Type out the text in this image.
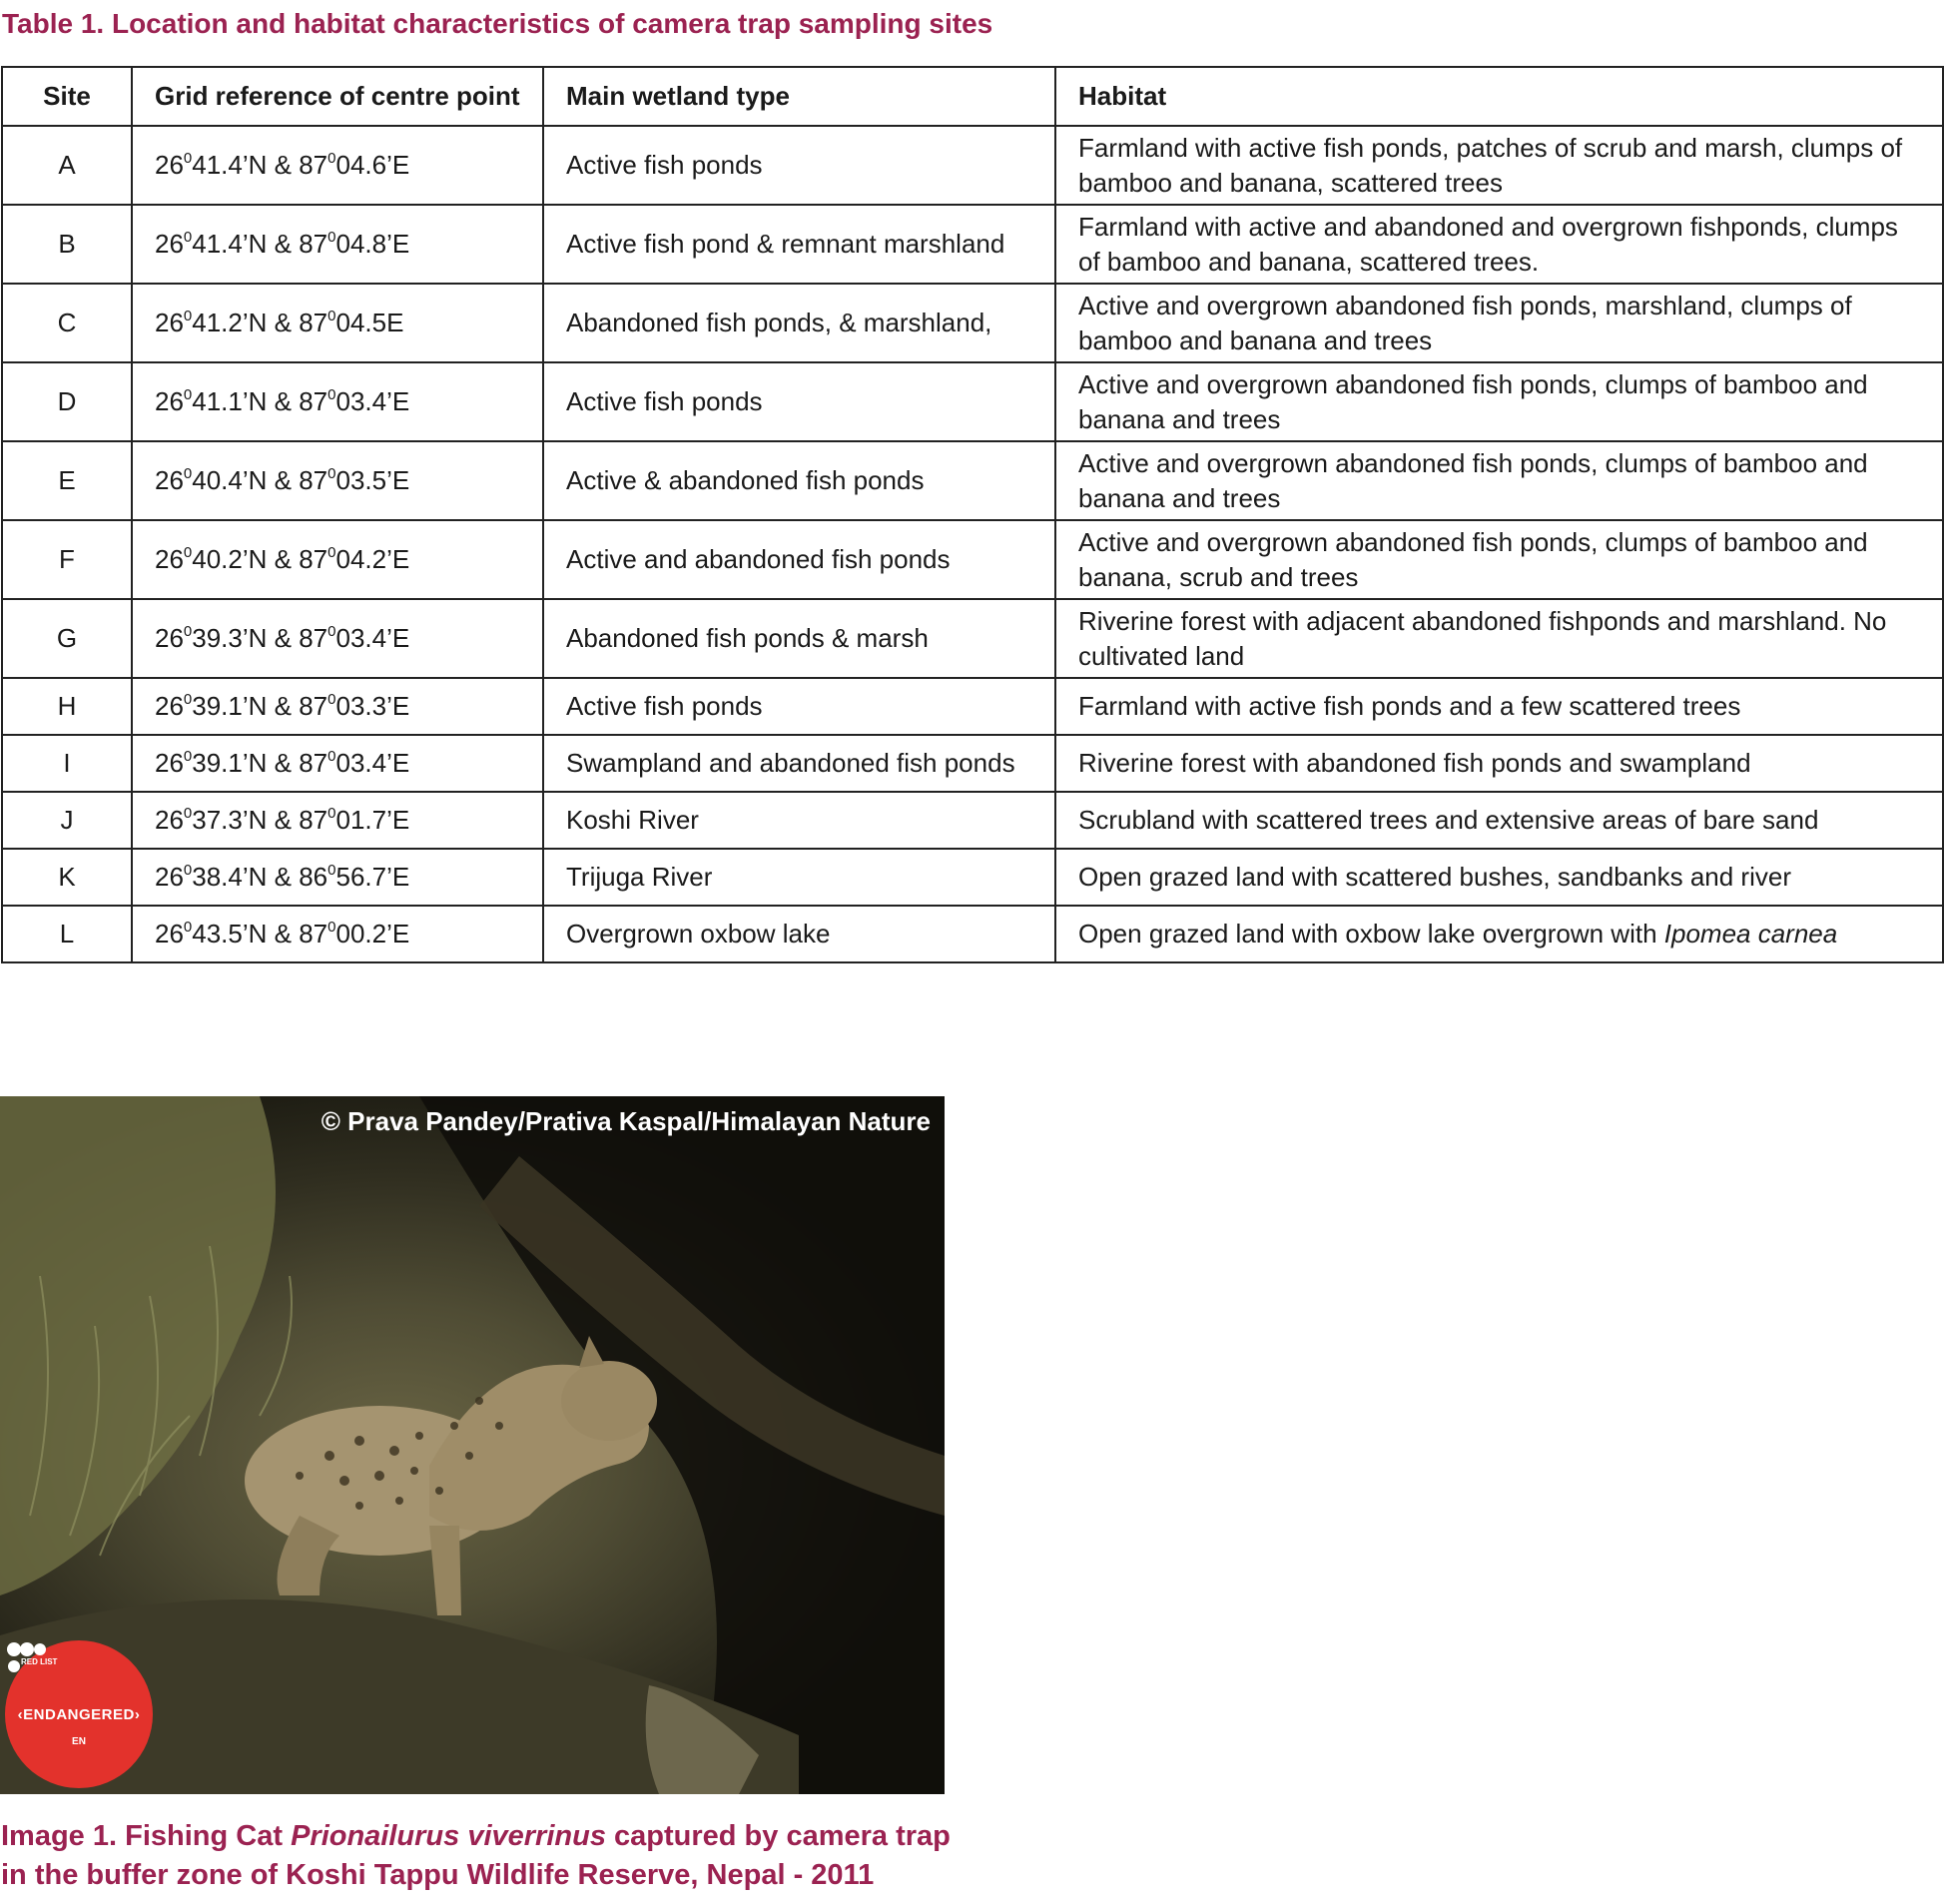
Table 1. Location and habitat characteristics of camera trap sampling sites
Site	Grid reference of centre point	Main wetland type	Habitat
A	$26^041.4’N$ & $87^004.6’E$	Active fish ponds	Farmland with active fish ponds, patches of scrub and marsh, clumps of bamboo and banana, scattered trees
B	$26^041.4’N$ & $87^004.8’E$	Active fish pond & remnant marshland	Farmland with active and abandoned and overgrown fishponds, clumps of bamboo and banana, scattered trees.
C	$26^041.2’N$ & $87^004.5E$	Abandoned fish ponds, & marshland,	Active and overgrown abandoned fish ponds, marshland, clumps of bamboo and banana and trees
D	$26^041.1’N$ & $87^003.4’E$	Active fish ponds	Active and overgrown abandoned fish ponds, clumps of bamboo and banana and trees
E	$26^040.4’N$ & $87^003.5’E$	Active & abandoned fish ponds	Active and overgrown abandoned fish ponds, clumps of bamboo and banana and trees
F	$26^040.2’N$ & $87^004.2’E$	Active and abandoned fish ponds	Active and overgrown abandoned fish ponds, clumps of bamboo and banana, scrub and trees
G	$26^039.3’N$ & $87^003.4’E$	Abandoned fish ponds & marsh	Riverine forest with adjacent abandoned fishponds and marshland. No cultivated land
H	$26^039.1’N$ & $87^003.3’E$	Active fish ponds	Farmland with active fish ponds and a few scattered trees
I	$26^039.1’N$ & $87^003.4’E$	Swampland and abandoned fish ponds	Riverine forest with abandoned fish ponds and swampland
J	$26^037.3’N$ & $87^001.7’E$	Koshi River	Scrubland with scattered trees and extensive areas of bare sand
K	$26^038.4’N$ & $86^056.7’E$	Trijuga River	Open grazed land with scattered bushes, sandbanks and river
L	$26^043.5’N$ & $87^000.2’E$	Overgrown oxbow lake	Open grazed land with oxbow lake overgrown with Ipomea carnea
© Prava Pandey/Prativa Kaspal/Himalayan Nature
RED LIST
‹ENDANGERED›
EN

Image 1. Fishing Cat Prionailurus viverrinus captured by camera trap in the buffer zone of Koshi Tappu Wildlife Reserve, Nepal - 2011
